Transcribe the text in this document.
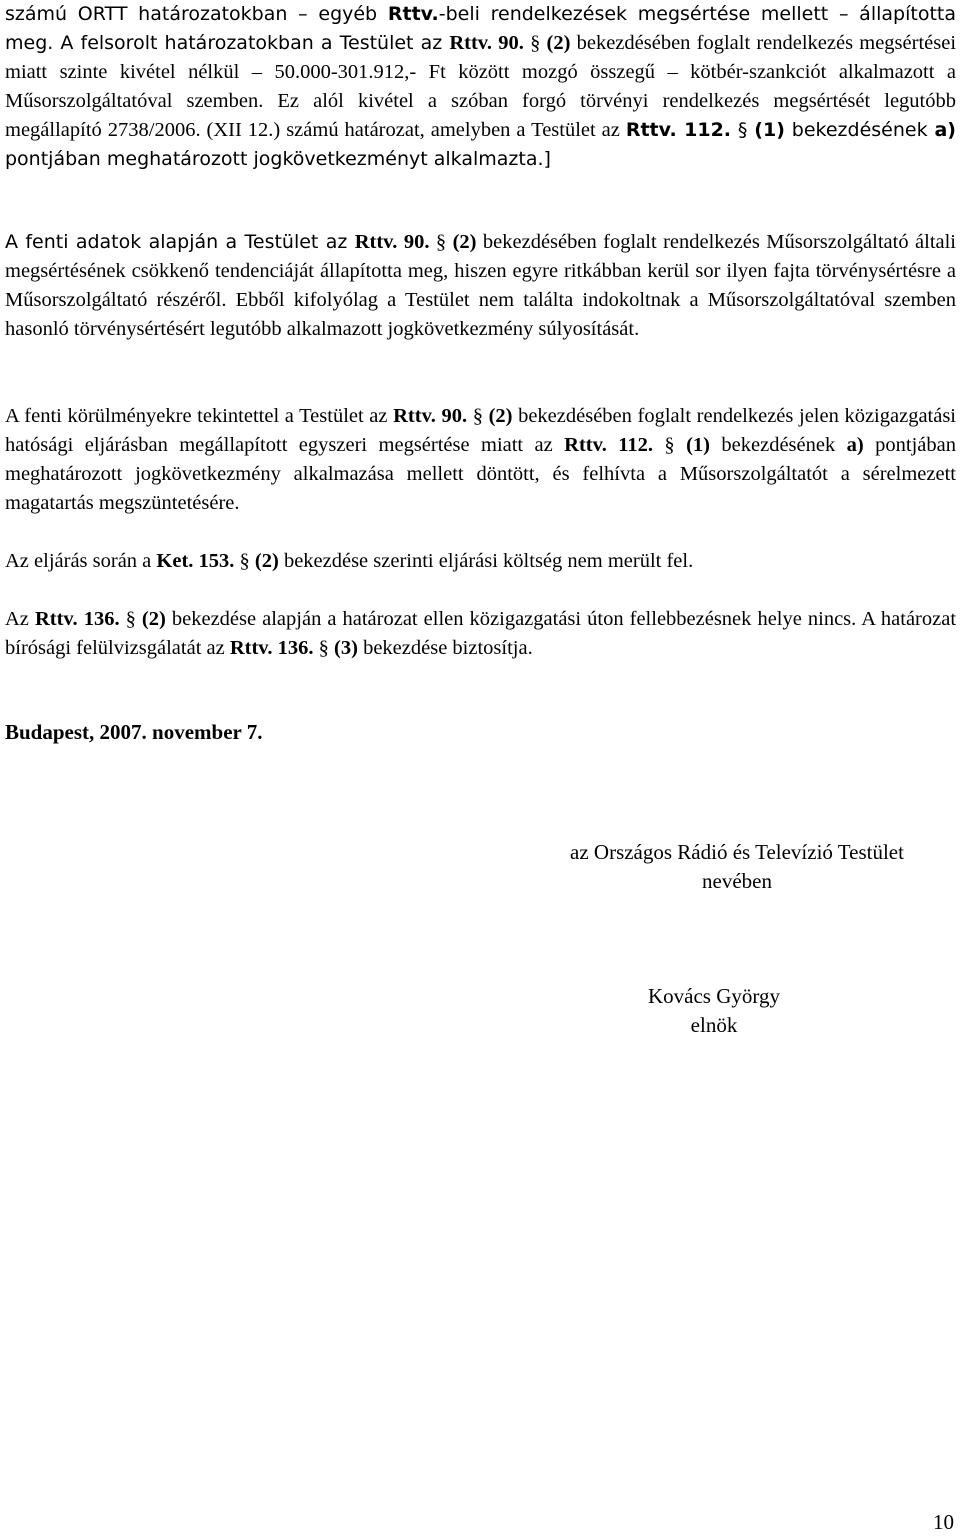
számú ORTT határozatokban – egyéb Rttv.-beli rendelkezések megsértése mellett – állapította meg. A felsorolt határozatokban a Testület az Rttv. 90. § (2) bekezdésében foglalt rendelkezés megsértései miatt szinte kivétel nélkül – 50.000-301.912,- Ft között mozgó összegű – kötbér-szankciót alkalmazott a Műsorszolgáltatóval szemben. Ez alól kivétel a szóban forgó törvényi rendelkezés megsértését legutóbb megállapító 2738/2006. (XII 12.) számú határozat, amelyben a Testület az Rttv. 112. § (1) bekezdésének a) pontjában meghatározott jogkövetkezményt alkalmazta.]

A fenti adatok alapján a Testület az Rttv. 90. § (2) bekezdésében foglalt rendelkezés Műsorszolgáltató általi megsértésének csökkenő tendenciáját állapította meg, hiszen egyre ritkábban kerül sor ilyen fajta törvénysértésre a Műsorszolgáltató részéről. Ebből kifolyólag a Testület nem találta indokoltnak a Műsorszolgáltatóval szemben hasonló törvénysértésért legutóbb alkalmazott jogkövetkezmény súlyosítását.

A fenti körülményekre tekintettel a Testület az Rttv. 90. § (2) bekezdésében foglalt rendelkezés jelen közigazgatási hatósági eljárásban megállapított egyszeri megsértése miatt az Rttv. 112. § (1) bekezdésének a) pontjában meghatározott jogkövetkezmény alkalmazása mellett döntött, és felhívta a Műsorszolgáltatót a sérelmezett magatartás megszüntetésére.

Az eljárás során a Ket. 153. § (2) bekezdése szerinti eljárási költség nem merült fel.

Az Rttv. 136. § (2) bekezdése alapján a határozat ellen közigazgatási úton fellebbezésnek helye nincs. A határozat bírósági felülvizsgálatát az Rttv. 136. § (3) bekezdése biztosítja.

Budapest, 2007. november 7.

az Országos Rádió és Televízió Testület
nevében
Kovács György
elnök

10
